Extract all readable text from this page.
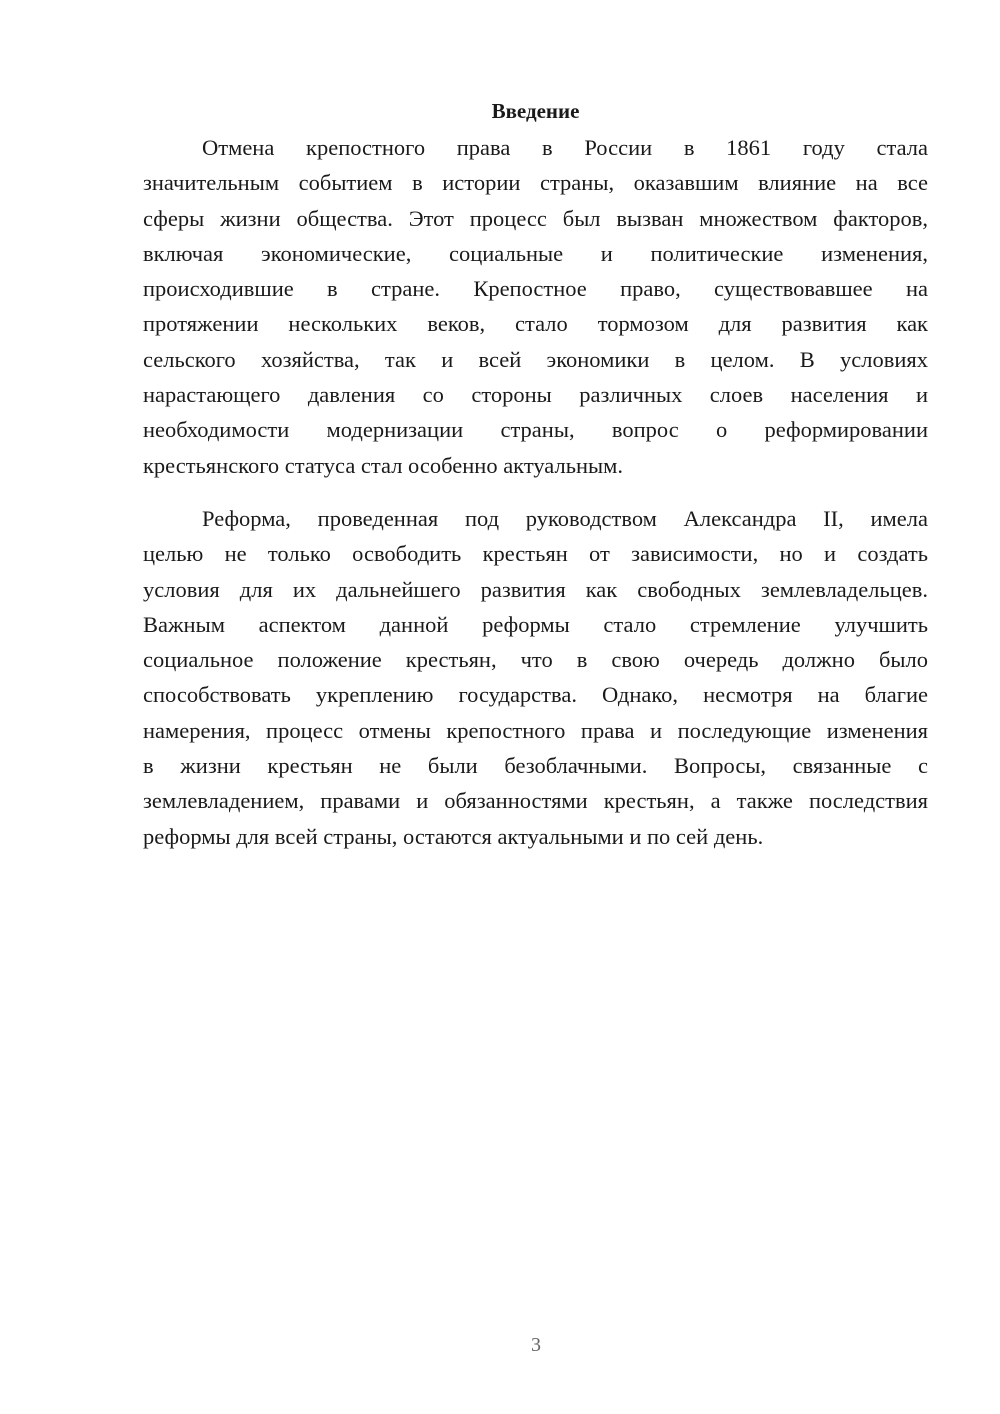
Введение
Отмена крепостного права в России в 1861 году стала
значительным событием в истории страны, оказавшим влияние на все
сферы жизни общества. Этот процесс был вызван множеством факторов,
включая экономические, социальные и политические изменения,
происходившие в стране. Крепостное право, существовавшее на
протяжении нескольких веков, стало тормозом для развития как
сельского хозяйства, так и всей экономики в целом. В условиях
нарастающего давления со стороны различных слоев населения и
необходимости модернизации страны, вопрос о реформировании
крестьянского статуса стал особенно актуальным.
Реформа, проведенная под руководством Александра II, имела
целью не только освободить крестьян от зависимости, но и создать
условия для их дальнейшего развития как свободных землевладельцев.
Важным аспектом данной реформы стало стремление улучшить
социальное положение крестьян, что в свою очередь должно было
способствовать укреплению государства. Однако, несмотря на благие
намерения, процесс отмены крепостного права и последующие изменения
в жизни крестьян не были безоблачными. Вопросы, связанные с
землевладением, правами и обязанностями крестьян, а также последствия
реформы для всей страны, остаются актуальными и по сей день.
3
